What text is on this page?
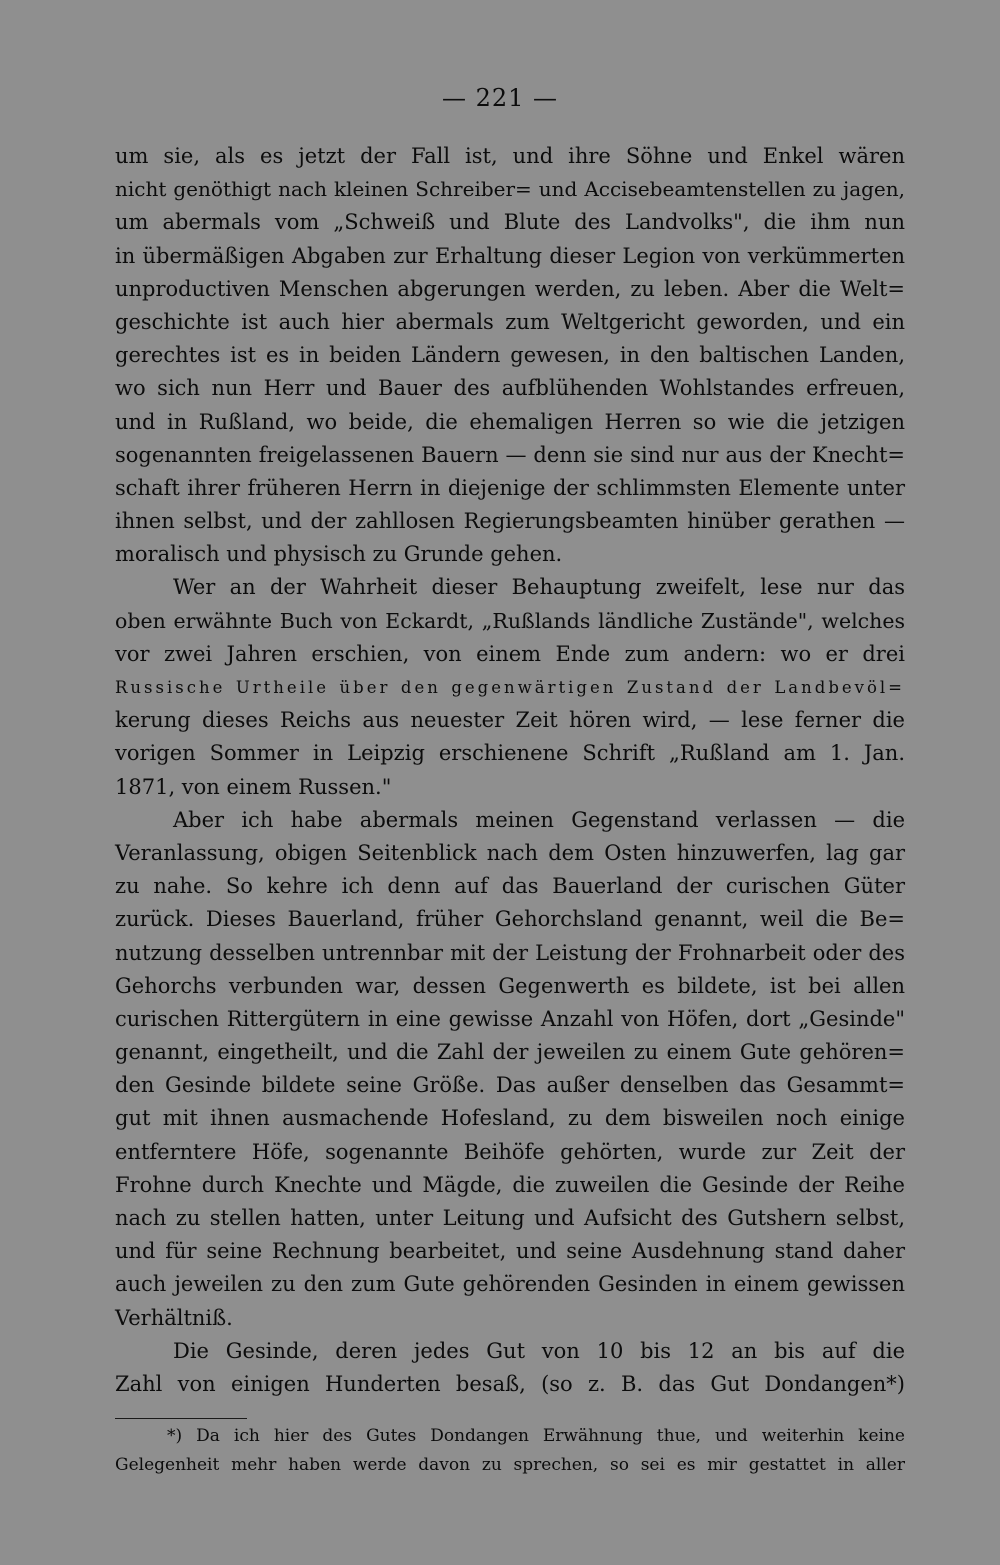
— 221 —
um sie, als es jetzt der Fall ist, und ihre Söhne und Enkel wären
nicht genöthigt nach kleinen Schreiber= und Accisebeamtenstellen zu jagen,
um abermals vom „Schweiß und Blute des Landvolks", die ihm nun
in übermäßigen Abgaben zur Erhaltung dieser Legion von verkümmerten
unproductiven Menschen abgerungen werden, zu leben. Aber die Welt=
geschichte ist auch hier abermals zum Weltgericht geworden, und ein
gerechtes ist es in beiden Ländern gewesen, in den baltischen Landen,
wo sich nun Herr und Bauer des aufblühenden Wohlstandes erfreuen,
und in Rußland, wo beide, die ehemaligen Herren so wie die jetzigen
sogenannten freigelassenen Bauern — denn sie sind nur aus der Knecht=
schaft ihrer früheren Herrn in diejenige der schlimmsten Elemente unter
ihnen selbst, und der zahllosen Regierungsbeamten hinüber gerathen —
moralisch und physisch zu Grunde gehen.
Wer an der Wahrheit dieser Behauptung zweifelt, lese nur das
oben erwähnte Buch von Eckardt, „Rußlands ländliche Zustände", welches
vor zwei Jahren erschien, von einem Ende zum andern: wo er drei
Russische Urtheile über den gegenwärtigen Zustand der Landbevöl=
kerung dieses Reichs aus neuester Zeit hören wird, — lese ferner die
vorigen Sommer in Leipzig erschienene Schrift „Rußland am 1. Jan.
1871, von einem Russen."
Aber ich habe abermals meinen Gegenstand verlassen — die
Veranlassung, obigen Seitenblick nach dem Osten hinzuwerfen, lag gar
zu nahe. So kehre ich denn auf das Bauerland der curischen Güter
zurück. Dieses Bauerland, früher Gehorchsland genannt, weil die Be=
nutzung desselben untrennbar mit der Leistung der Frohnarbeit oder des
Gehorchs verbunden war, dessen Gegenwerth es bildete, ist bei allen
curischen Rittergütern in eine gewisse Anzahl von Höfen, dort „Gesinde"
genannt, eingetheilt, und die Zahl der jeweilen zu einem Gute gehören=
den Gesinde bildete seine Größe. Das außer denselben das Gesammt=
gut mit ihnen ausmachende Hofesland, zu dem bisweilen noch einige
entferntere Höfe, sogenannte Beihöfe gehörten, wurde zur Zeit der
Frohne durch Knechte und Mägde, die zuweilen die Gesinde der Reihe
nach zu stellen hatten, unter Leitung und Aufsicht des Gutshern selbst,
und für seine Rechnung bearbeitet, und seine Ausdehnung stand daher
auch jeweilen zu den zum Gute gehörenden Gesinden in einem gewissen
Verhältniß.
Die Gesinde, deren jedes Gut von 10 bis 12 an bis auf die
Zahl von einigen Hunderten besaß, (so z. B. das Gut Dondangen*)
*) Da ich hier des Gutes Dondangen Erwähnung thue, und weiterhin keine
Gelegenheit mehr haben werde davon zu sprechen, so sei es mir gestattet in aller
